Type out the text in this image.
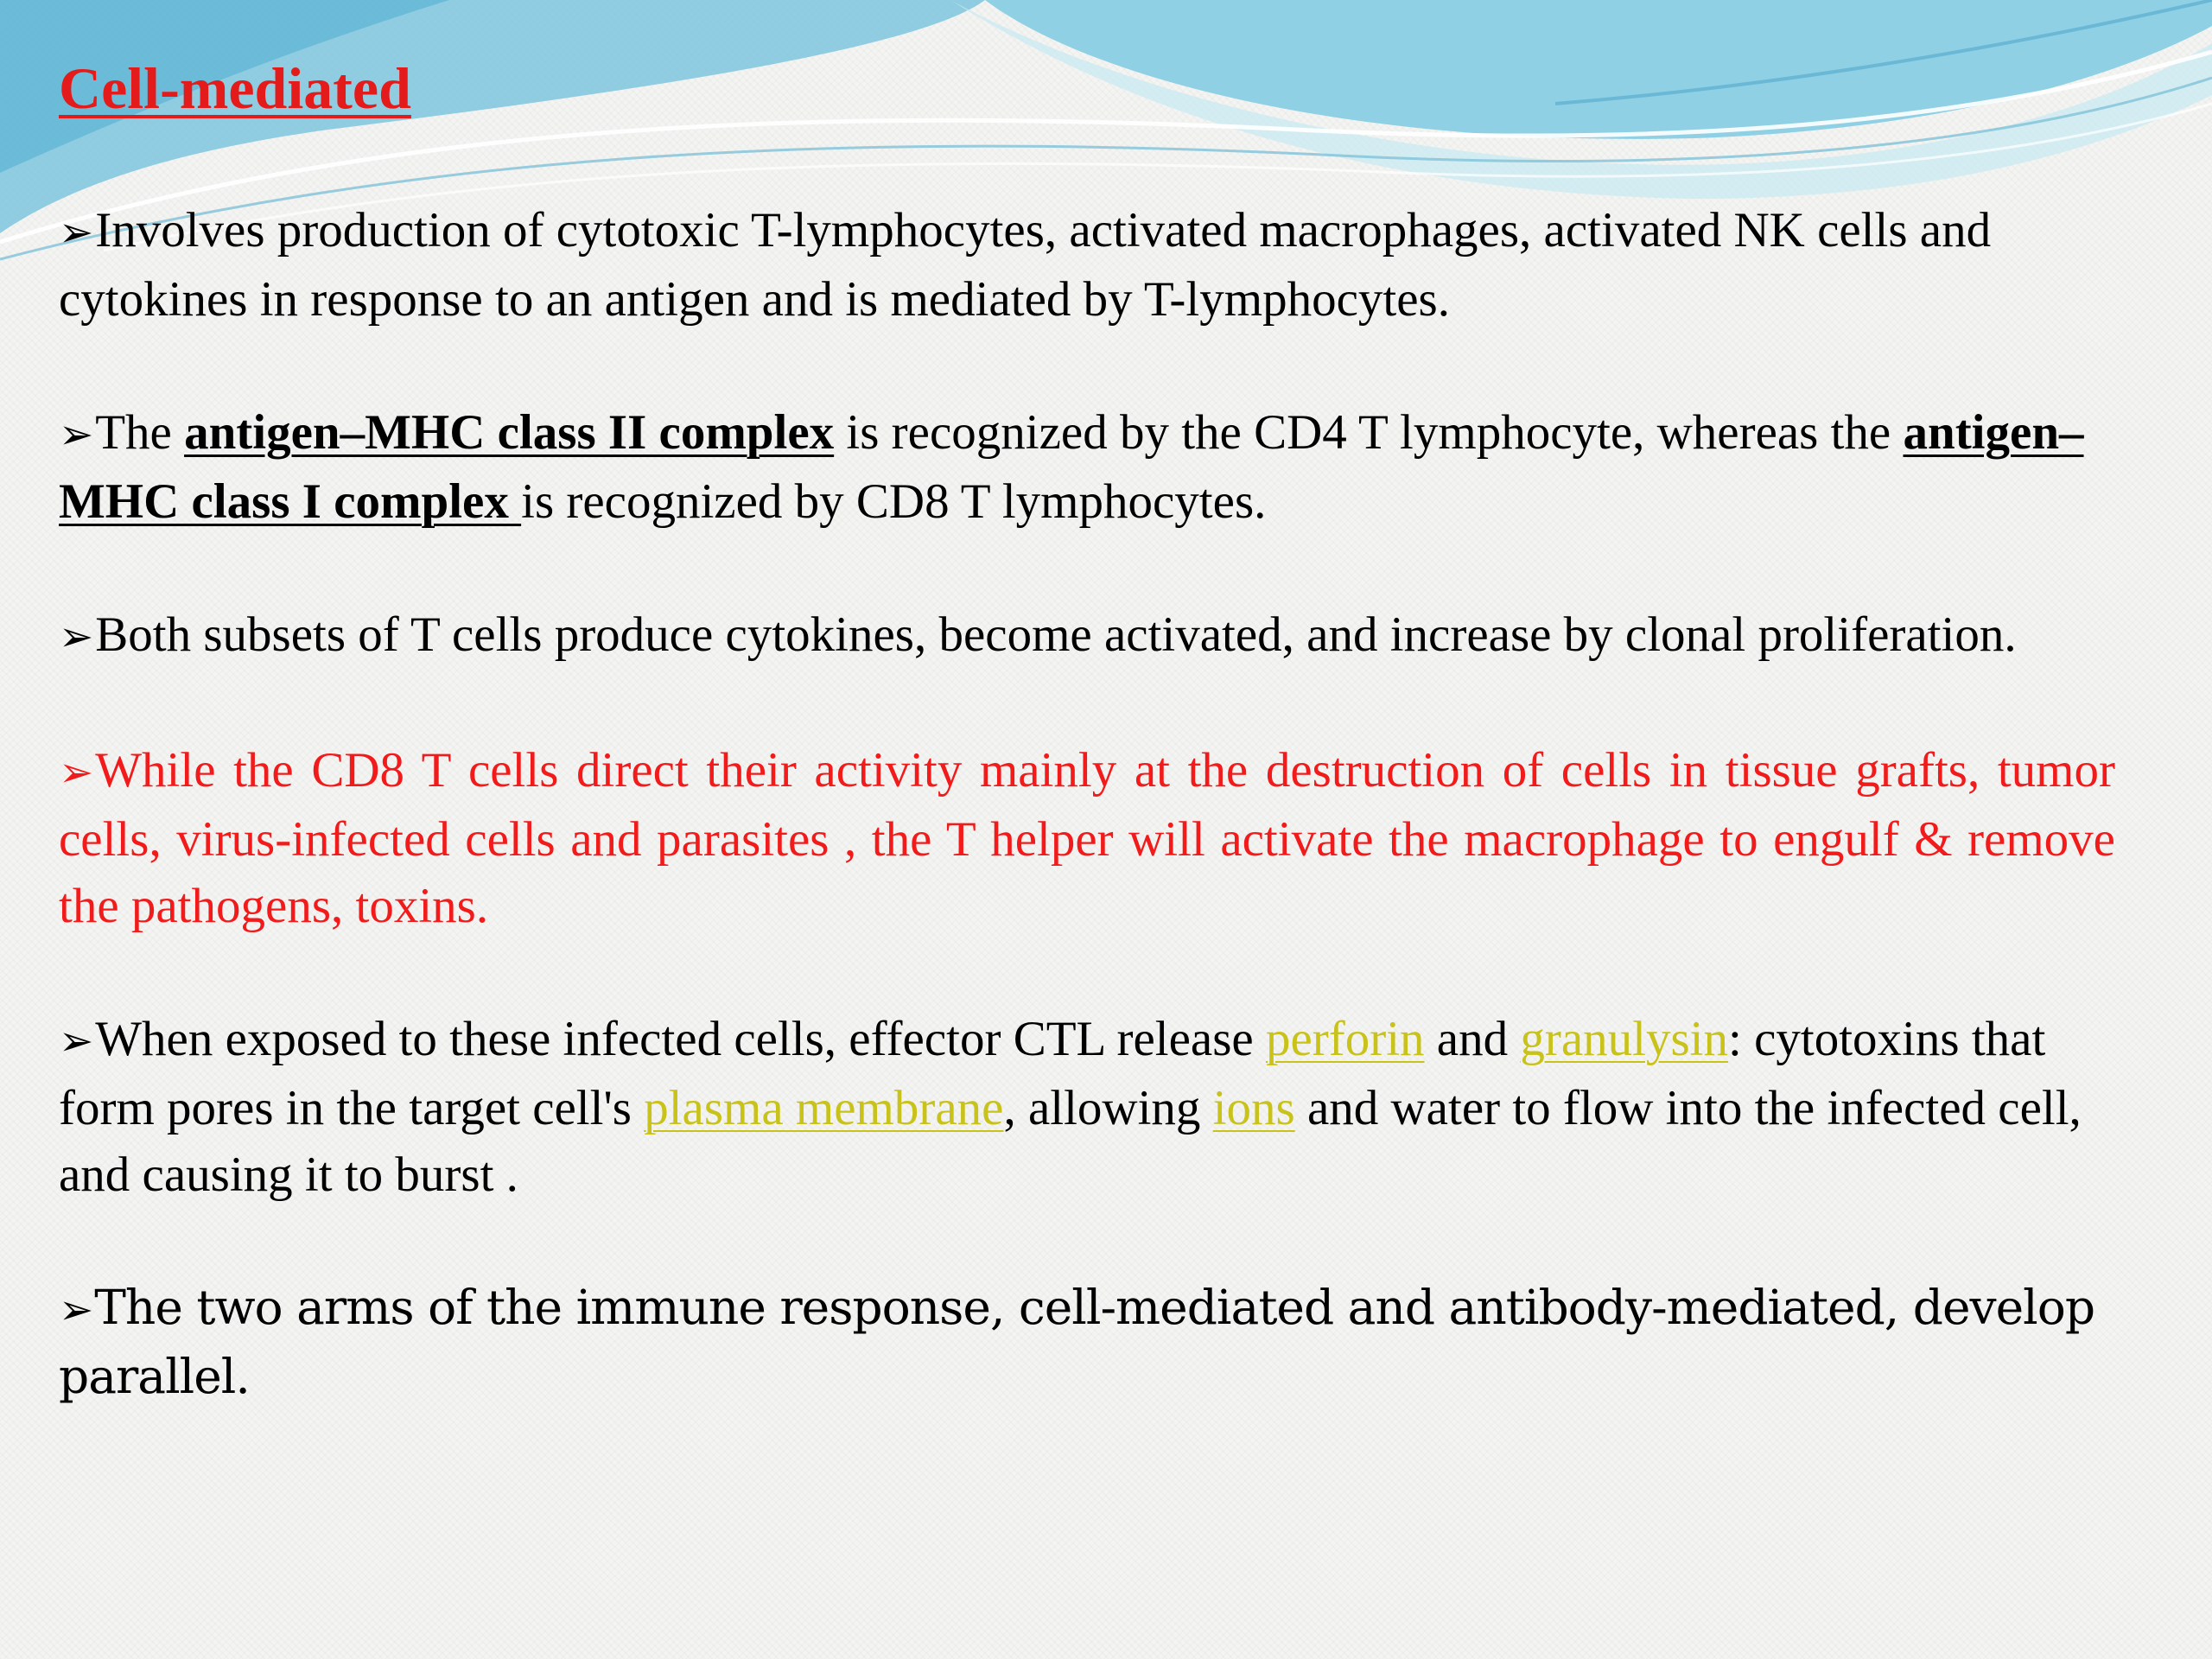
Cell-mediated

➢Involves production of cytotoxic T-lymphocytes, activated macrophages, activated NK cells and cytokines in response to an antigen and is mediated by T-lymphocytes.

➢The antigen–MHC class II complex is recognized by the CD4 T lymphocyte, whereas the antigen– MHC class I complex is recognized by CD8 T lymphocytes.

➢Both subsets of T cells produce cytokines, become activated, and increase by clonal proliferation.

➢While the CD8 T cells direct their activity mainly at the destruction of cells in tissue grafts, tumor cells, virus-infected cells and parasites , the T helper will activate the macrophage to engulf & remove the pathogens, toxins.

➢When exposed to these infected cells, effector CTL release perforin and granulysin: cytotoxins that form pores in the target cell's plasma membrane, allowing ions and water to flow into the infected cell, and causing it to burst .

➢The two arms of the immune response, cell-mediated and antibody-mediated, develop parallel.
